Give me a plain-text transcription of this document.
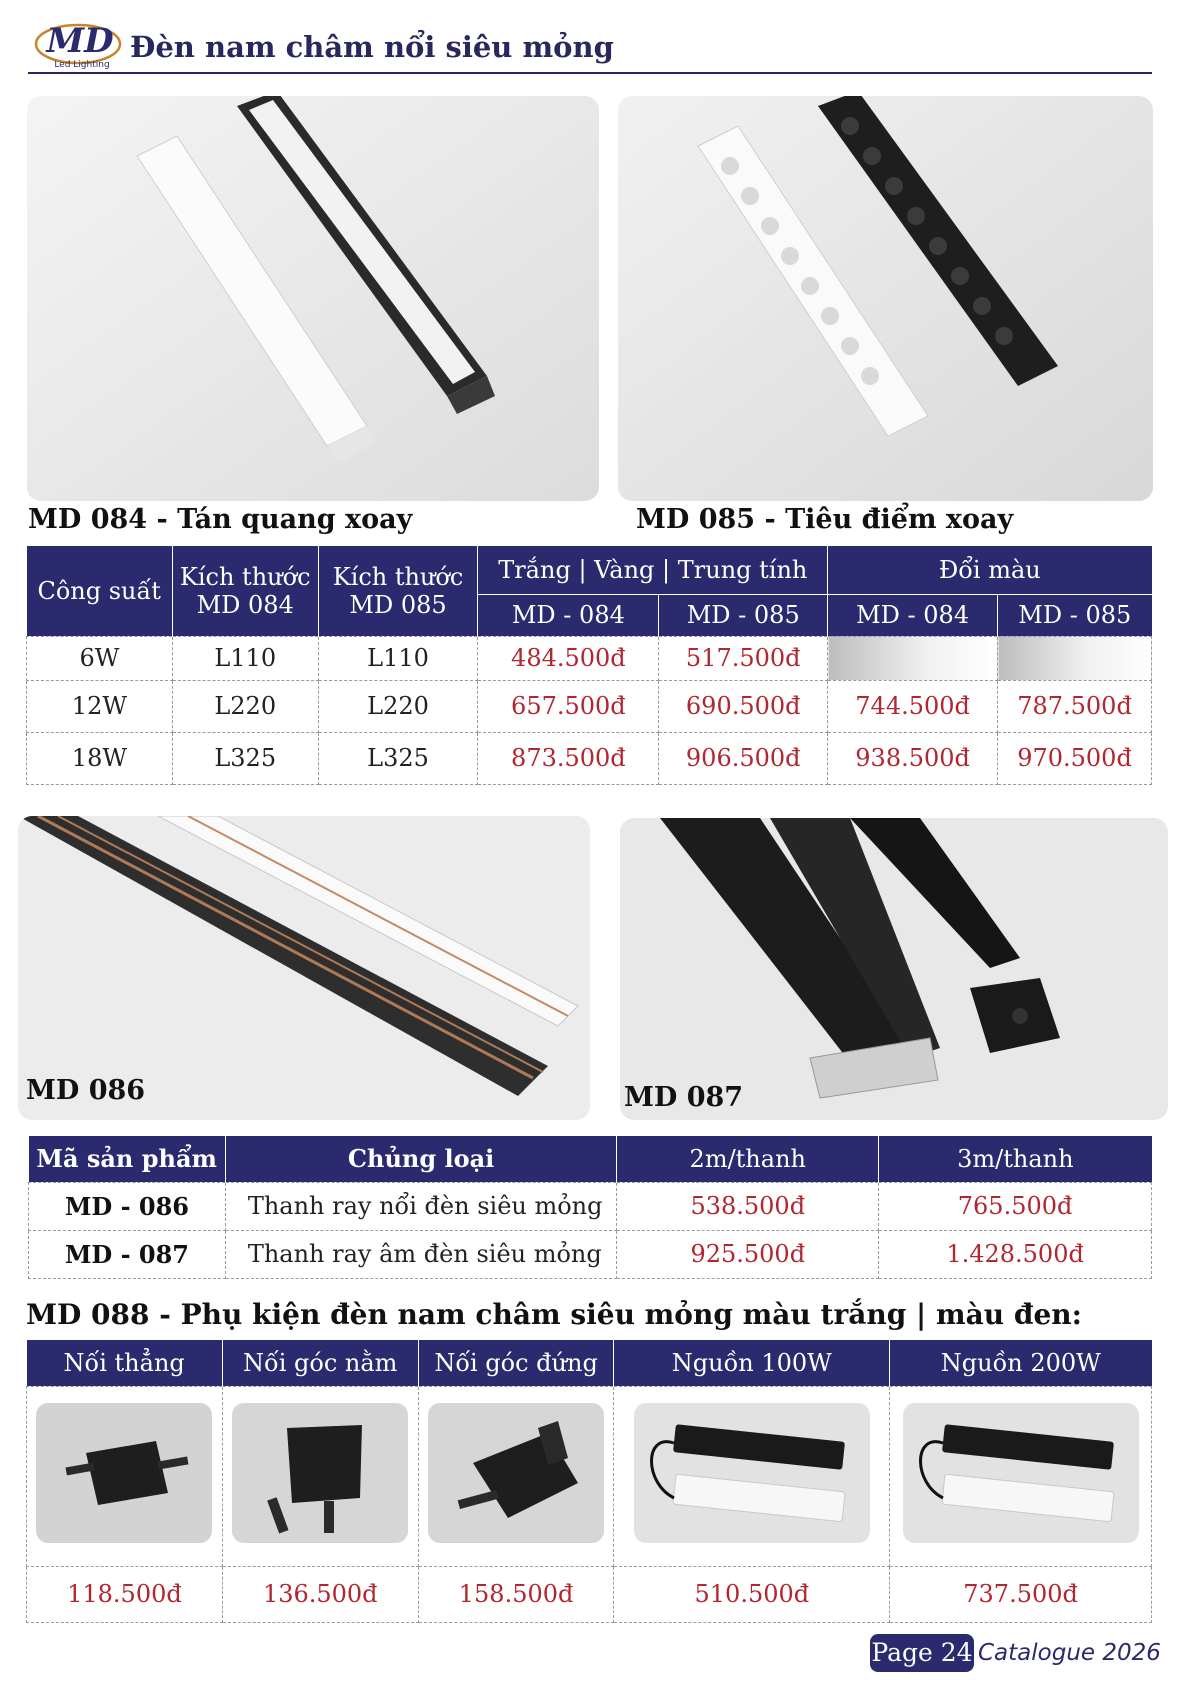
MD
Led Lighting
Đèn nam châm nổi siêu mỏng
MD 084 - Tán quang xoay	MD 085 - Tiêu điểm xoay
Công suất	Kích thước MD 084	Kích thước MD 085	Trắng | Vàng | Trung tính		Đổi màu	
			MD - 084	MD - 085	MD - 084	MD - 085
6W	L110	L110	484.500đ	517.500đ		
12W	L220	L220	657.500đ	690.500đ	744.500đ	787.500đ
18W	L325	L325	873.500đ	906.500đ	938.500đ	970.500đ
MD 086	MD 087
Mã sản phẩm	Chủng loại	2m/thanh	3m/thanh
MD - 086	Thanh ray nổi đèn siêu mỏng	538.500đ	765.500đ
MD - 087	Thanh ray âm đèn siêu mỏng	925.500đ	1.428.500đ
MD 088 - Phụ kiện đèn nam châm siêu mỏng màu trắng | màu đen:
Nối thẳng	Nối góc nằm	Nối góc đứng	Nguồn 100W	Nguồn 200W

118.500đ	136.500đ	158.500đ	510.500đ	737.500đ
Page 24 Catalogue 2026
